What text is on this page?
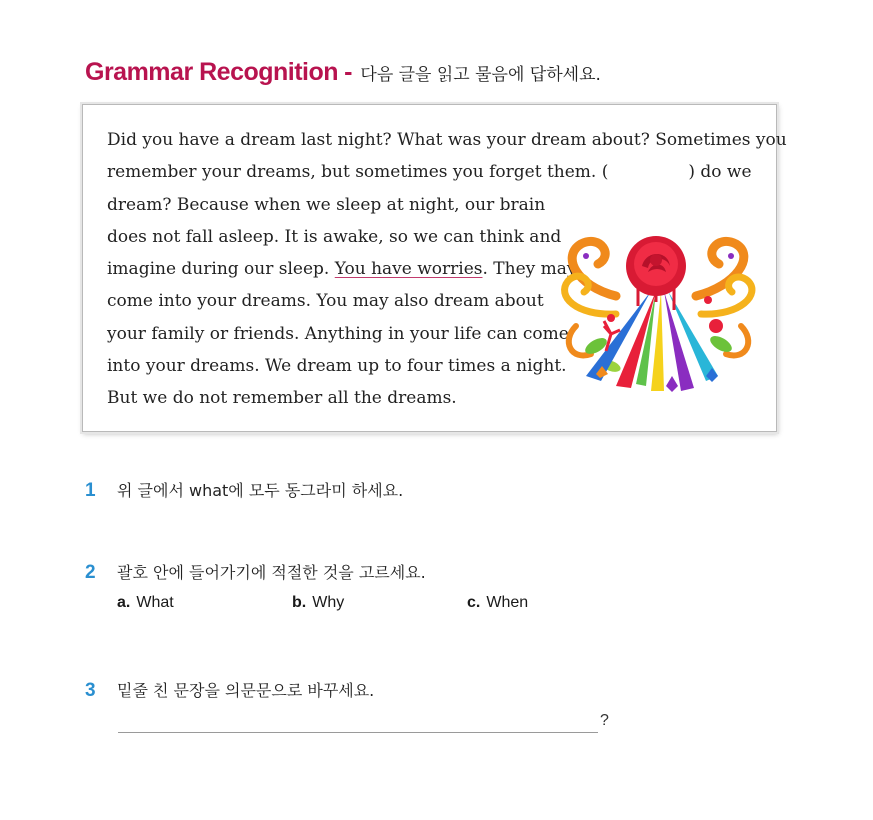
Grammar Recognition - 다음 글을 읽고 물음에 답하세요.
Did you have a dream last night? What was your dream about? Sometimes you
remember your dreams, but sometimes you forget them. (	) do we
dream? Because when we sleep at night, our brain
does not fall asleep. It is awake, so we can think and
imagine during our sleep. You have worries. They may
come into your dreams. You may also dream about
your family or friends. Anything in your life can come
into your dreams. We dream up to four times a night.
But we do not remember all the dreams.
1 위 글에서 what에 모두 동그라미 하세요.
2 괄호 안에 들어가기에 적절한 것을 고르세요.
a. What	b. Why	c. When
3 밑줄 친 문장을 의문문으로 바꾸세요.
?
